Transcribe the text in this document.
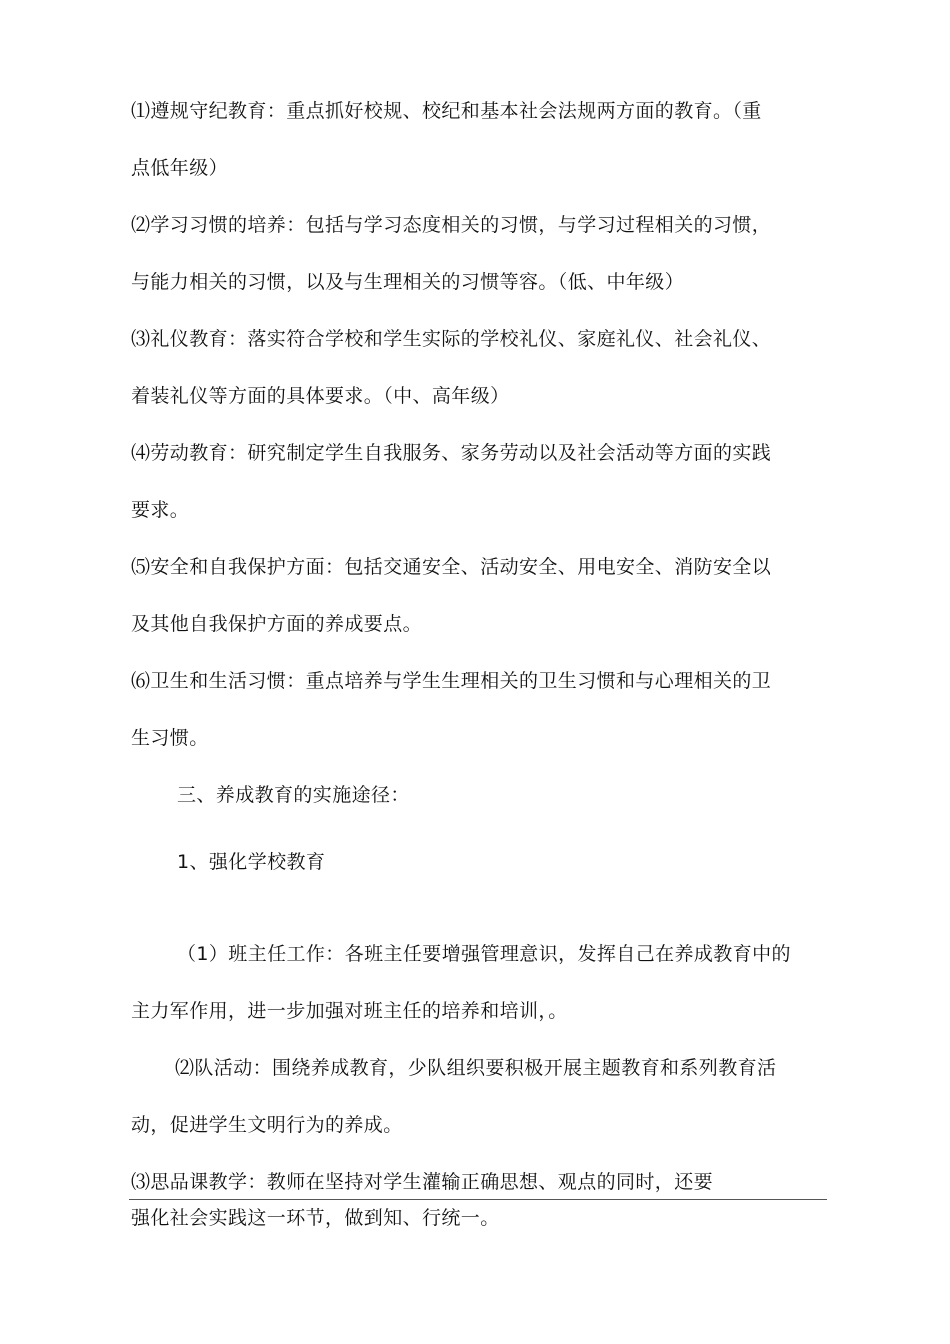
⑴遵规守纪教育：重点抓好校规、校纪和基本社会法规两方面的教育。（重

点低年级）

⑵学习习惯的培养：包括与学习态度相关的习惯，与学习过程相关的习惯，

与能力相关的习惯，以及与生理相关的习惯等容。（低、中年级）

⑶礼仪教育：落实符合学校和学生实际的学校礼仪、家庭礼仪、社会礼仪、

着装礼仪等方面的具体要求。（中、高年级）

⑷劳动教育：研究制定学生自我服务、家务劳动以及社会活动等方面的实践

要求。

⑸安全和自我保护方面：包括交通安全、活动安全、用电安全、消防安全以

及其他自我保护方面的养成要点。

⑹卫生和生活习惯：重点培养与学生生理相关的卫生习惯和与心理相关的卫

生习惯。

三、养成教育的实施途径：

1、强化学校教育

（1）班主任工作：各班主任要增强管理意识，发挥自己在养成教育中的

主力军作用，进一步加强对班主任的培养和培训，。

⑵队活动：围绕养成教育，少队组织要积极开展主题教育和系列教育活

动，促进学生文明行为的养成。

⑶思品课教学：教师在坚持对学生灌输正确思想、观点的同时，还要

强化社会实践这一环节，做到知、行统一。
